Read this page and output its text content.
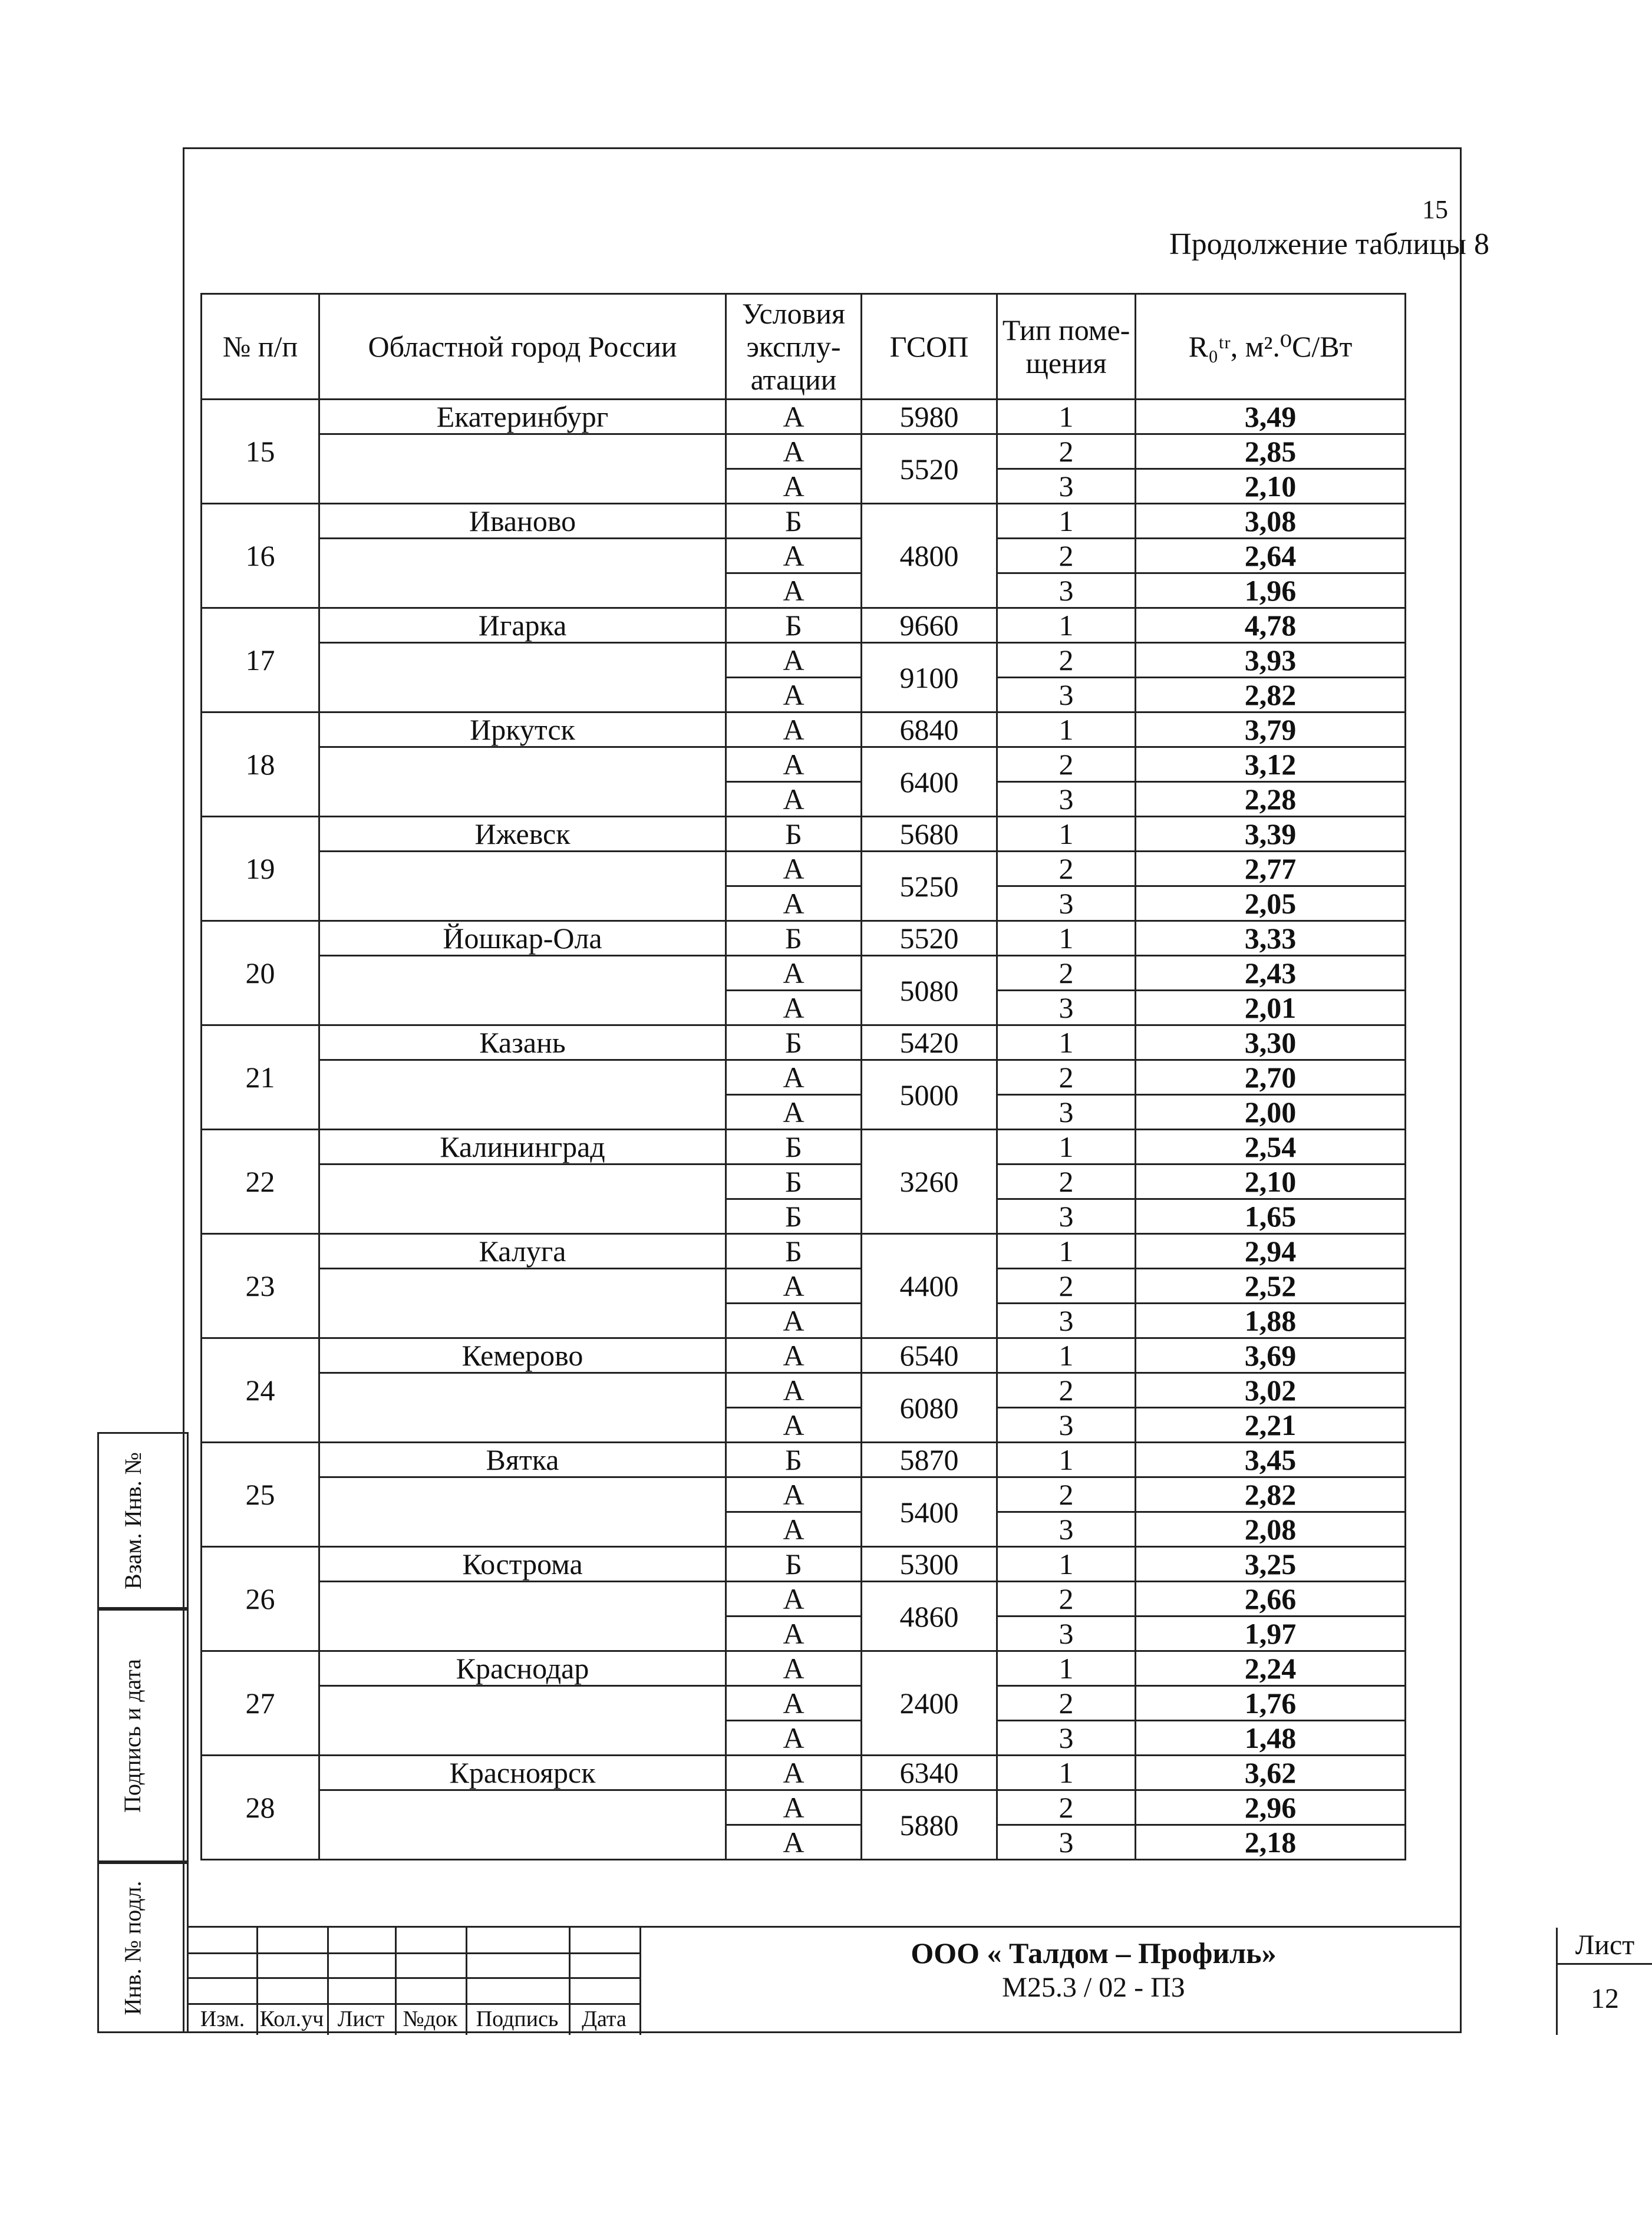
15
Продолжение таблицы 8
№ п/п	Областной город России	Условия эксплу- атации	ГСОП	Тип поме- щения	R₀ᵗʳ, м².⁰С/Вт
15	Екатеринбург	А	5980	1	3,49
		А	5520	2	2,85
		А		3	2,10
16	Иваново	Б	4800	1	3,08
		А		2	2,64
		А		3	1,96
17	Игарка	Б	9660	1	4,78
		А	9100	2	3,93
		А		3	2,82
18	Иркутск	А	6840	1	3,79
		А	6400	2	3,12
		А		3	2,28
19	Ижевск	Б	5680	1	3,39
		А	5250	2	2,77
		А		3	2,05
20	Йошкар-Ола	Б	5520	1	3,33
		А	5080	2	2,43
		А		3	2,01
21	Казань	Б	5420	1	3,30
		А	5000	2	2,70
		А		3	2,00
22	Калининград	Б	3260	1	2,54
		Б		2	2,10
		Б		3	1,65
23	Калуга	Б	4400	1	2,94
		А		2	2,52
		А		3	1,88
24	Кемерово	А	6540	1	3,69
		А	6080	2	3,02
		А		3	2,21
25	Вятка	Б	5870	1	3,45
		А	5400	2	2,82
		А		3	2,08
26	Кострома	Б	5300	1	3,25
		А	4860	2	2,66
		А		3	1,97
27	Краснодар	А	2400	1	2,24
		А		2	1,76
		А		3	1,48
28	Красноярск	А	6340	1	3,62
		А	5880	2	2,96
		А		3	2,18
Взам. Инв. №
Подпись и дата
Инв. № подл.
Изм. Кол.уч Лист №док Подпись	Дата
ООО « Талдом – Профиль»
М25.3 / 02 - ПЗ
Лист
12
